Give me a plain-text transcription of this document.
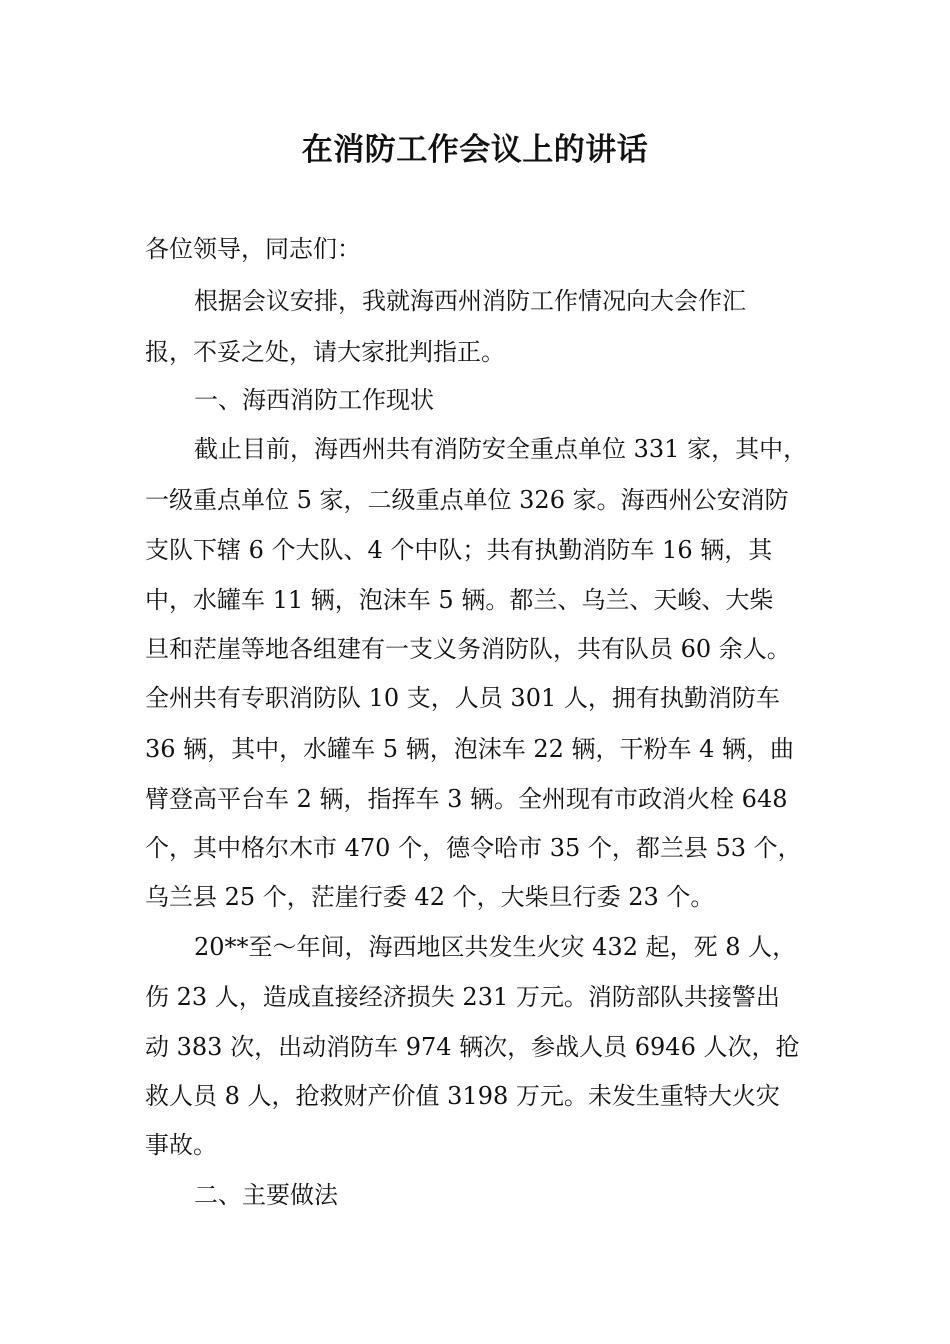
在消防工作会议上的讲话
各位领导，同志们：
根据会议安排，我就海西州消防工作情况向大会作汇
报，不妥之处，请大家批判指正。
一、海西消防工作现状
截止目前，海西州共有消防安全重点单位 331 家，其中，
一级重点单位 5 家，二级重点单位 326 家。海西州公安消防
支队下辖 6 个大队、4 个中队；共有执勤消防车 16 辆，其
中，水罐车 11 辆，泡沫车 5 辆。都兰、乌兰、天峻、大柴
旦和茫崖等地各组建有一支义务消防队，共有队员 60 余人。
全州共有专职消防队 10 支，人员 301 人，拥有执勤消防车
36 辆，其中，水罐车 5 辆，泡沫车 22 辆，干粉车 4 辆，曲
臂登高平台车 2 辆，指挥车 3 辆。全州现有市政消火栓 648
个，其中格尔木市 470 个，德令哈市 35 个，都兰县 53 个，
乌兰县 25 个，茫崖行委 42 个，大柴旦行委 23 个。
20**至～年间，海西地区共发生火灾 432 起，死 8 人，
伤 23 人，造成直接经济损失 231 万元。消防部队共接警出
动 383 次，出动消防车 974 辆次，参战人员 6946 人次，抢
救人员 8 人，抢救财产价值 3198 万元。未发生重特大火灾
事故。
二、主要做法
